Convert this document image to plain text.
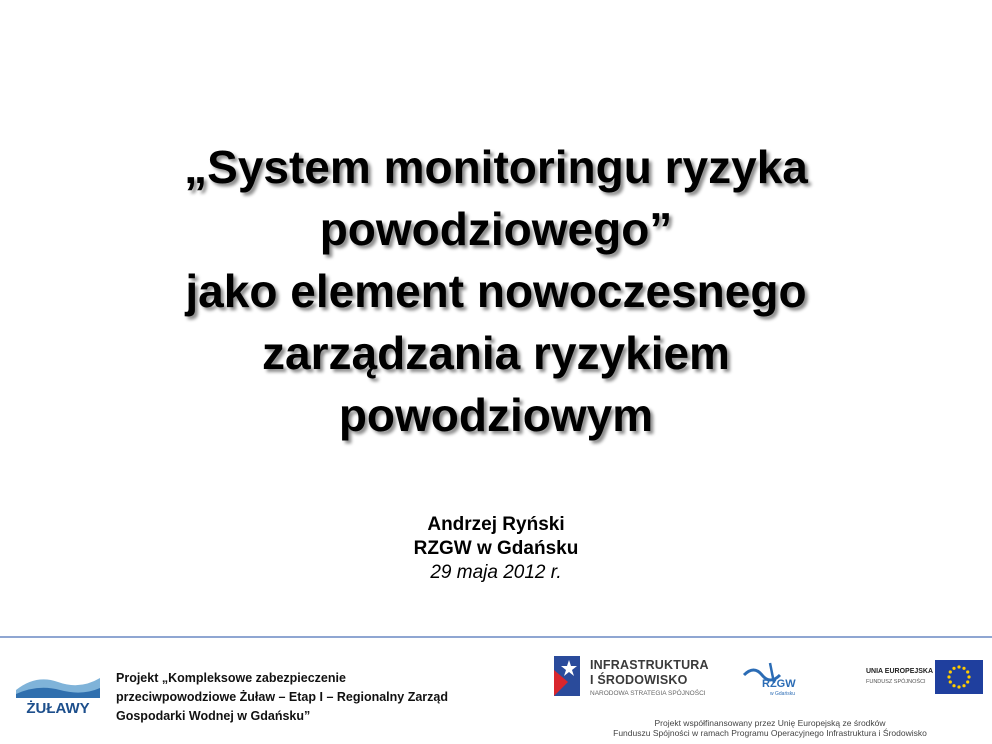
„System monitoringu ryzyka
powodziowego”
jako element nowoczesnego
zarządzania ryzykiem
powodziowym
Andrzej Ryński
RZGW w Gdańsku
29 maja 2012 r.
ŻUŁAWY
Projekt „Kompleksowe zabezpieczenie
przeciwpowodziowe Żuław – Etap I – Regionalny Zarząd
Gospodarki Wodnej w Gdańsku”
INFRASTRUKTURA
I ŚRODOWISKO
NARODOWA STRATEGIA SPÓJNOŚCI
RZGW
w Gdańsku
UNIA EUROPEJSKA
FUNDUSZ SPÓJNOŚCI
Projekt współfinansowany przez Unię Europejską ze środków
Funduszu Spójności w ramach Programu Operacyjnego Infrastruktura i Środowisko
